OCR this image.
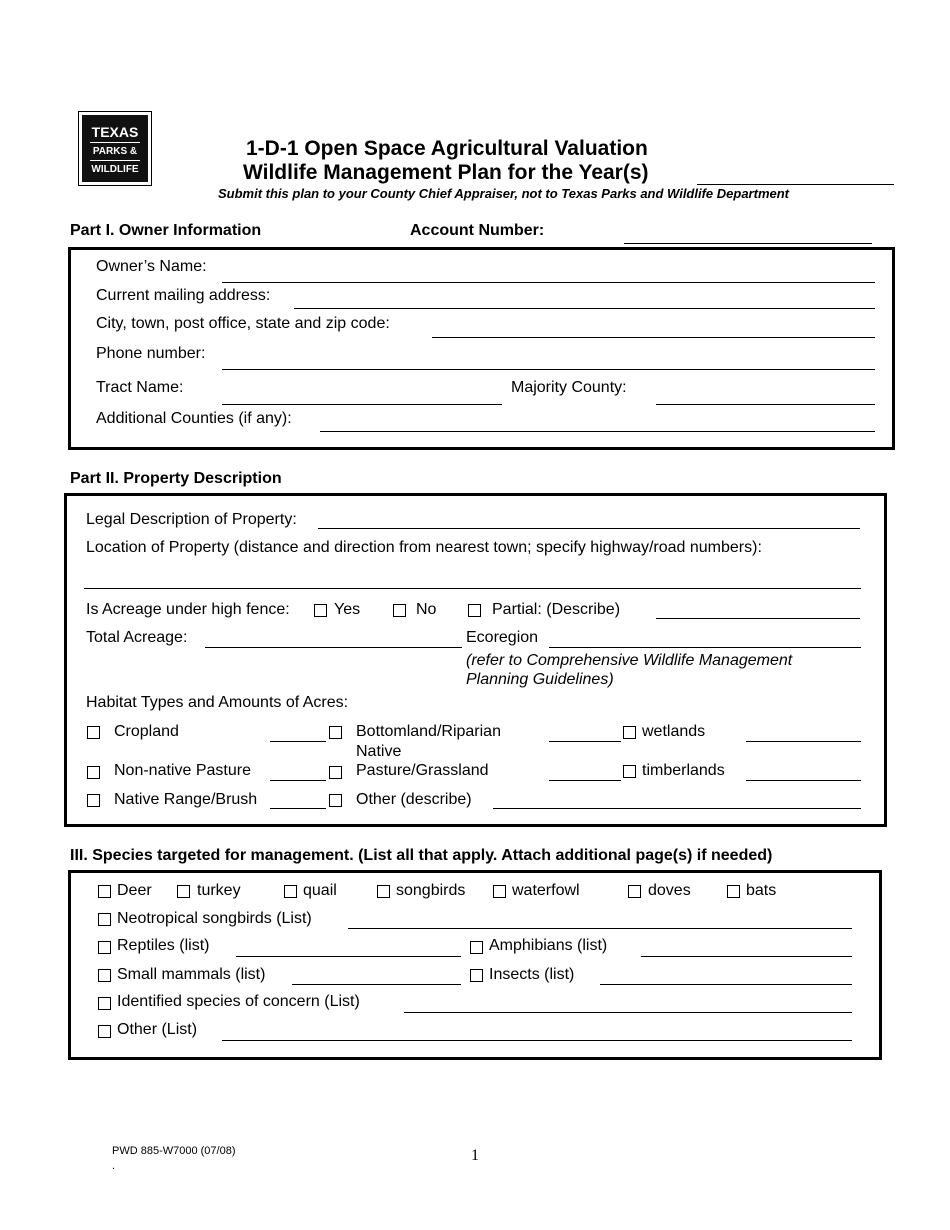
TEXAS
PARKS &
WILDLIFE
1-D-1 Open Space Agricultural Valuation
Wildlife Management Plan for the Year(s)
Submit this plan to your County Chief Appraiser, not to Texas Parks and Wildlife Department
Part I. Owner Information	Account Number:
Owner’s Name:
Current mailing address:
City, town, post office, state and zip code:
Phone number:
Tract Name:	Majority County:
Additional Counties (if any):
Part II. Property Description
Legal Description of Property:
Location of Property (distance and direction from nearest town; specify highway/road numbers):
Is Acreage under high fence:	Yes	No	Partial: (Describe)
Total Acreage:	Ecoregion
(refer to Comprehensive Wildlife Management
Planning Guidelines)
Habitat Types and Amounts of Acres:
Cropland	Bottomland/Riparian	wetlands
Native
Non-native Pasture	Pasture/Grassland	timberlands
Native Range/Brush	Other (describe)
III. Species targeted for management. (List all that apply. Attach additional page(s) if needed)
Deer	turkey	quail	songbirds	waterfowl	doves	bats
Neotropical songbirds (List)
Reptiles (list)	Amphibians (list)
Small mammals (list)	Insects (list)
Identified species of concern (List)
Other (List)
PWD 885-W7000 (07/08)
.
1
